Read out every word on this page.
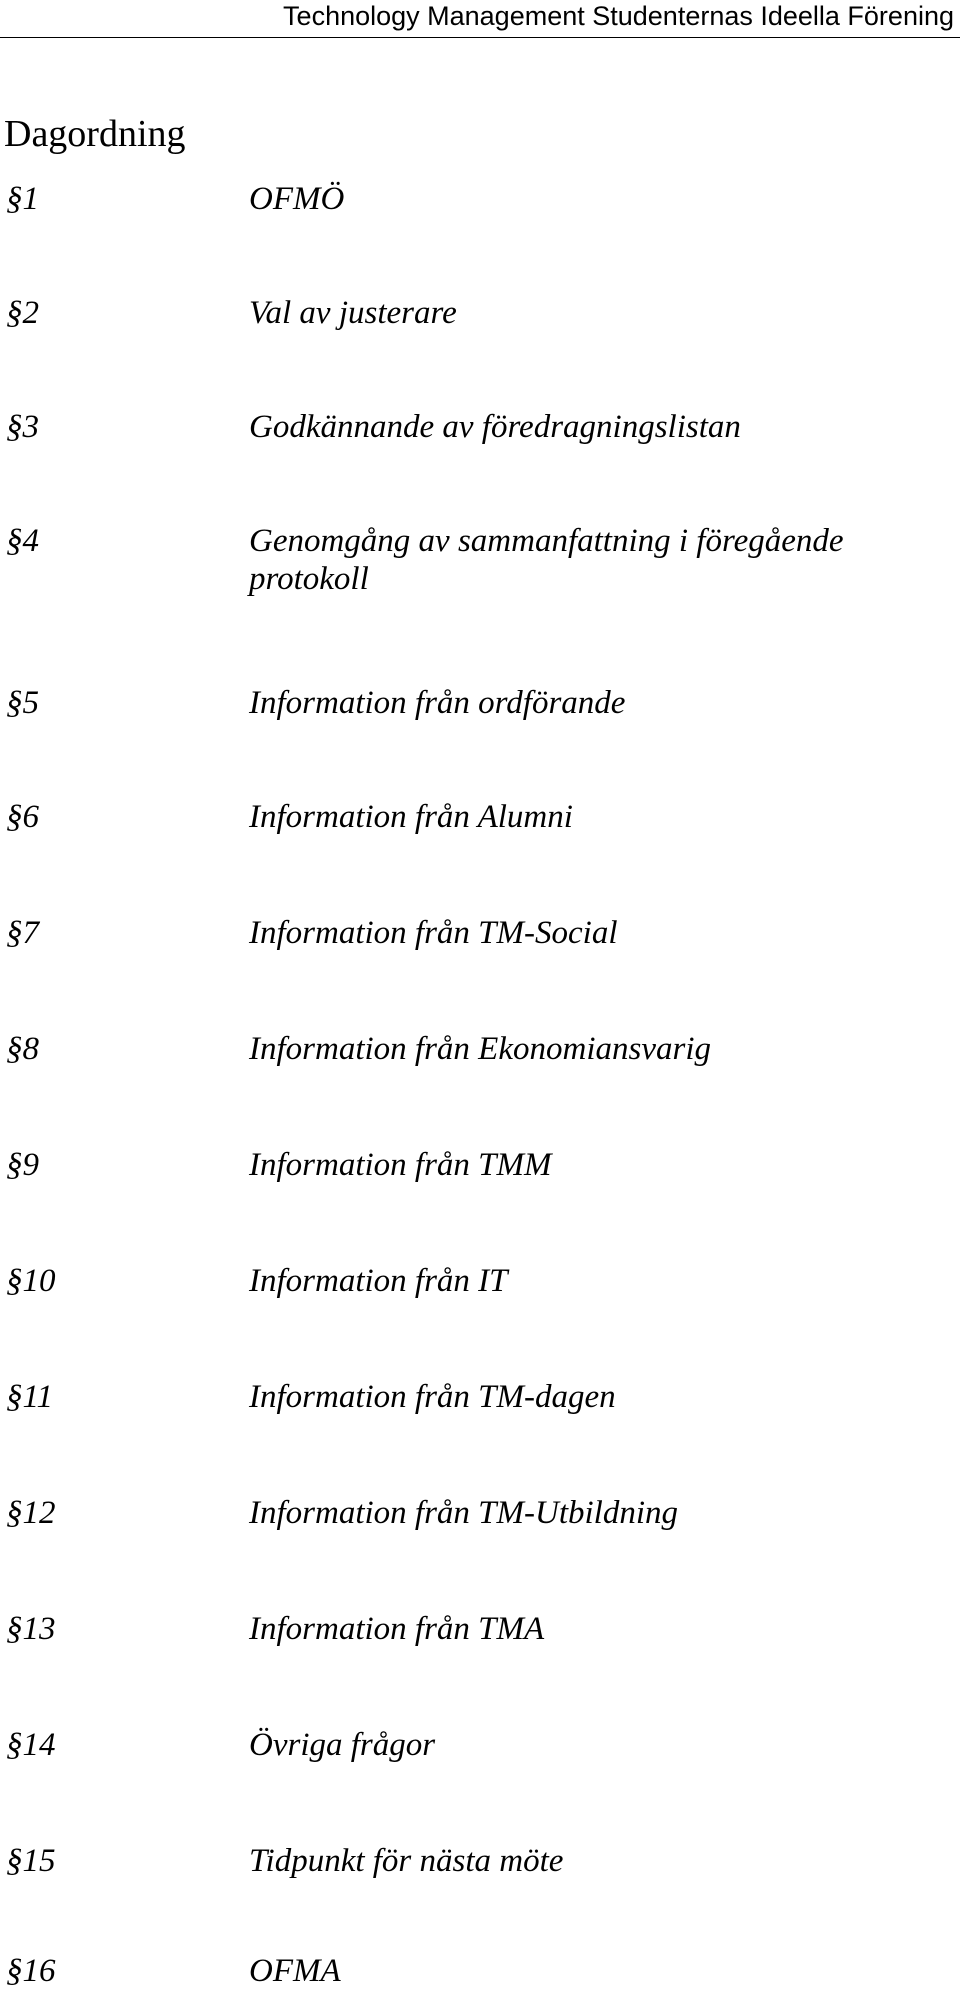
Technology Management Studenternas Ideella Förening
Dagordning
§1	OFMÖ
§2	Val av justerare
§3	Godkännande av föredragningslistan
§4	Genomgång av sammanfattning i föregående protokoll
§5	Information från ordförande
§6	Information från Alumni
§7	Information från TM-Social
§8	Information från Ekonomiansvarig
§9	Information från TMM
§10	Information från IT
§11	Information från TM-dagen
§12	Information från TM-Utbildning
§13	Information från TMA
§14	Övriga frågor
§15	Tidpunkt för nästa möte
§16	OFMA
